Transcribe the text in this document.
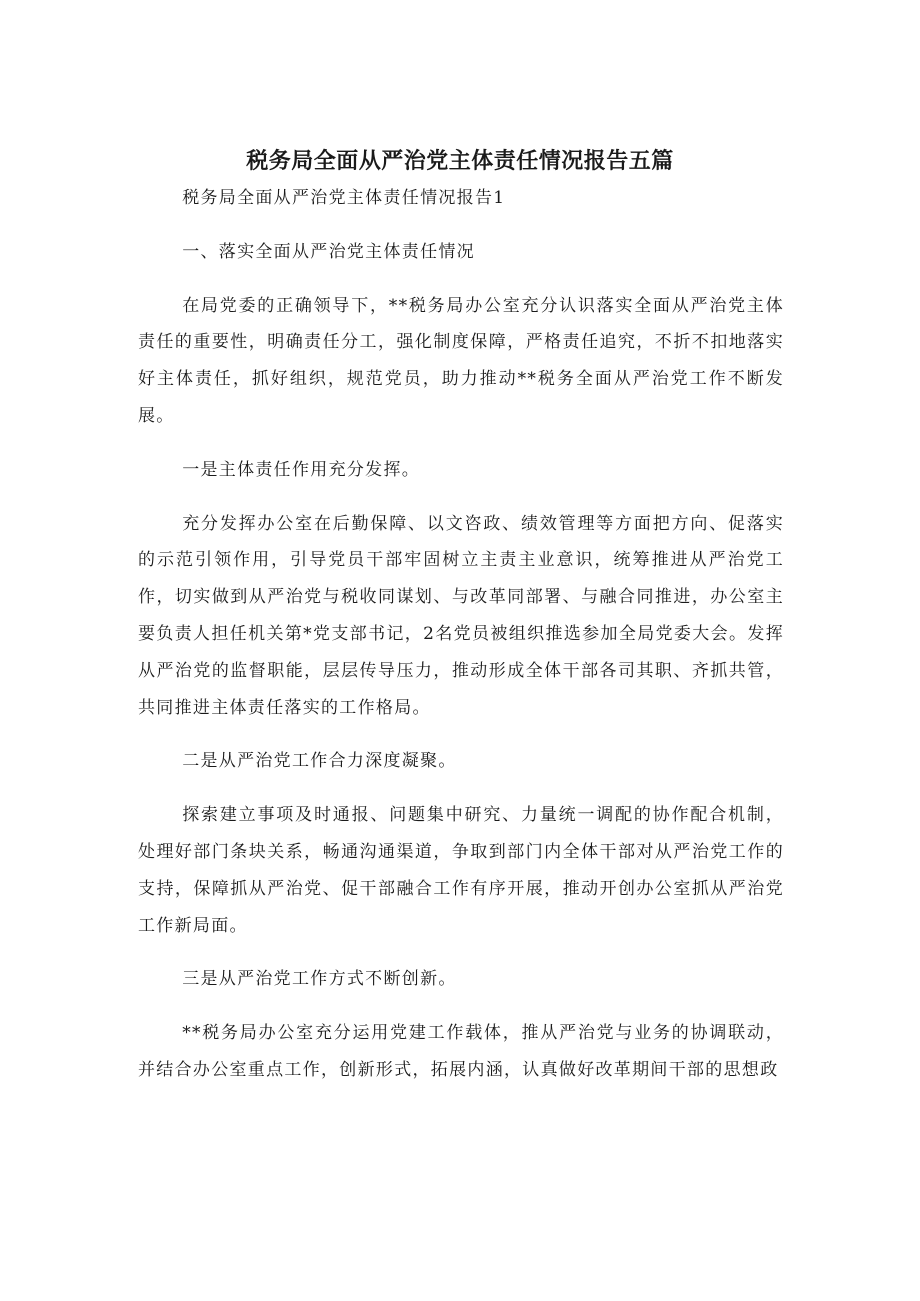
税务局全面从严治党主体责任情况报告五篇

税务局全面从严治党主体责任情况报告1

一、落实全面从严治党主体责任情况

在局党委的正确领导下，**税务局办公室充分认识落实全面从严治党主体责任的重要性，明确责任分工，强化制度保障，严格责任追究，不折不扣地落实好主体责任，抓好组织，规范党员，助力推动**税务全面从严治党工作不断发展。

一是主体责任作用充分发挥。

充分发挥办公室在后勤保障、以文咨政、绩效管理等方面把方向、促落实的示范引领作用，引导党员干部牢固树立主责主业意识，统筹推进从严治党工作，切实做到从严治党与税收同谋划、与改革同部署、与融合同推进，办公室主要负责人担任机关第*党支部书记，2名党员被组织推选参加全局党委大会。发挥从严治党的监督职能，层层传导压力，推动形成全体干部各司其职、齐抓共管，共同推进主体责任落实的工作格局。

二是从严治党工作合力深度凝聚。

探索建立事项及时通报、问题集中研究、力量统一调配的协作配合机制，处理好部门条块关系，畅通沟通渠道，争取到部门内全体干部对从严治党工作的支持，保障抓从严治党、促干部融合工作有序开展，推动开创办公室抓从严治党工作新局面。

三是从严治党工作方式不断创新。

**税务局办公室充分运用党建工作载体，推从严治党与业务的协调联动，并结合办公室重点工作，创新形式，拓展内涵，认真做好改革期间干部的思想政
